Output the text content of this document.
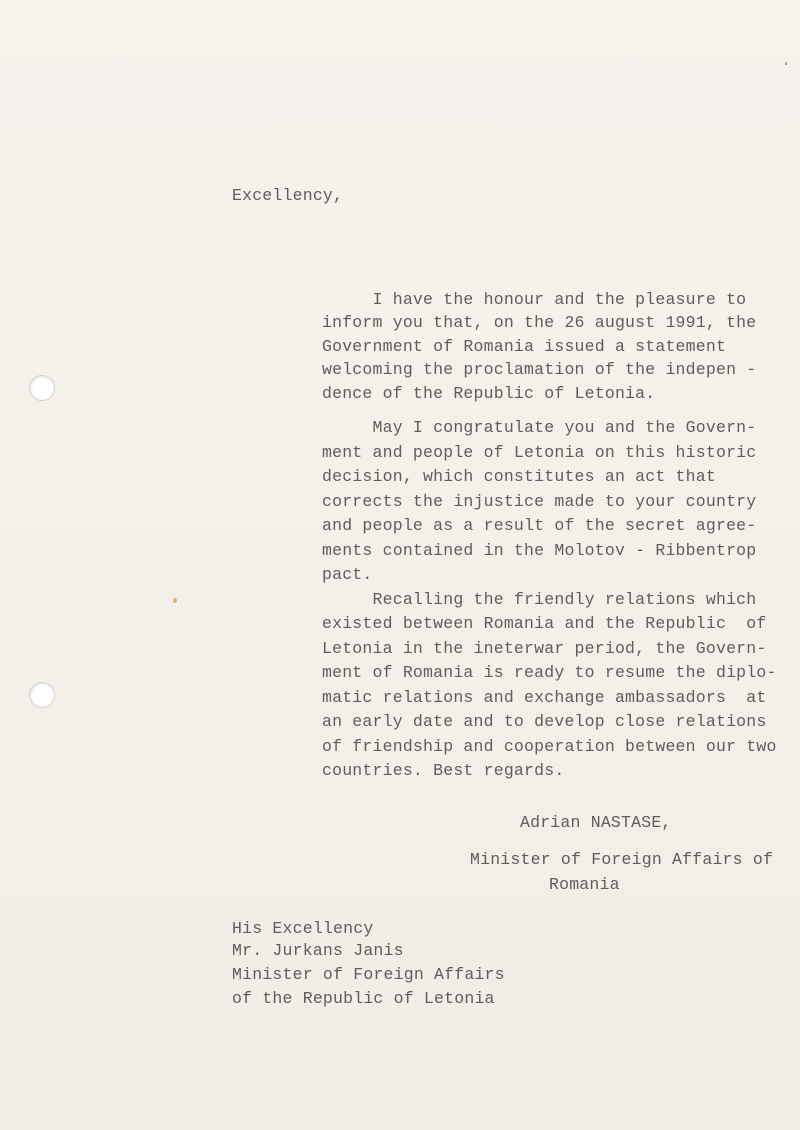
Excellency,
I have the honour and the pleasure to
inform you that, on the 26 august 1991, the
Government of Romania issued a statement
welcoming the proclamation of the indepen -
dence of the Republic of Letonia.
May I congratulate you and the Govern-
ment and people of Letonia on this historic
decision, which constitutes an act that
corrects the injustice made to your country
and people as a result of the secret agree-
ments contained in the Molotov - Ribbentrop
pact.
Recalling the friendly relations which
existed between Romania and the Republic  of
Letonia in the ineterwar period, the Govern-
ment of Romania is ready to resume the diplo-
matic relations and exchange ambassadors  at
an early date and to develop close relations
of friendship and cooperation between our two
countries. Best regards.
Adrian NASTASE,
Minister of Foreign Affairs of
Romania
His Excellency
Mr. Jurkans Janis
Minister of Foreign Affairs
of the Republic of Letonia
